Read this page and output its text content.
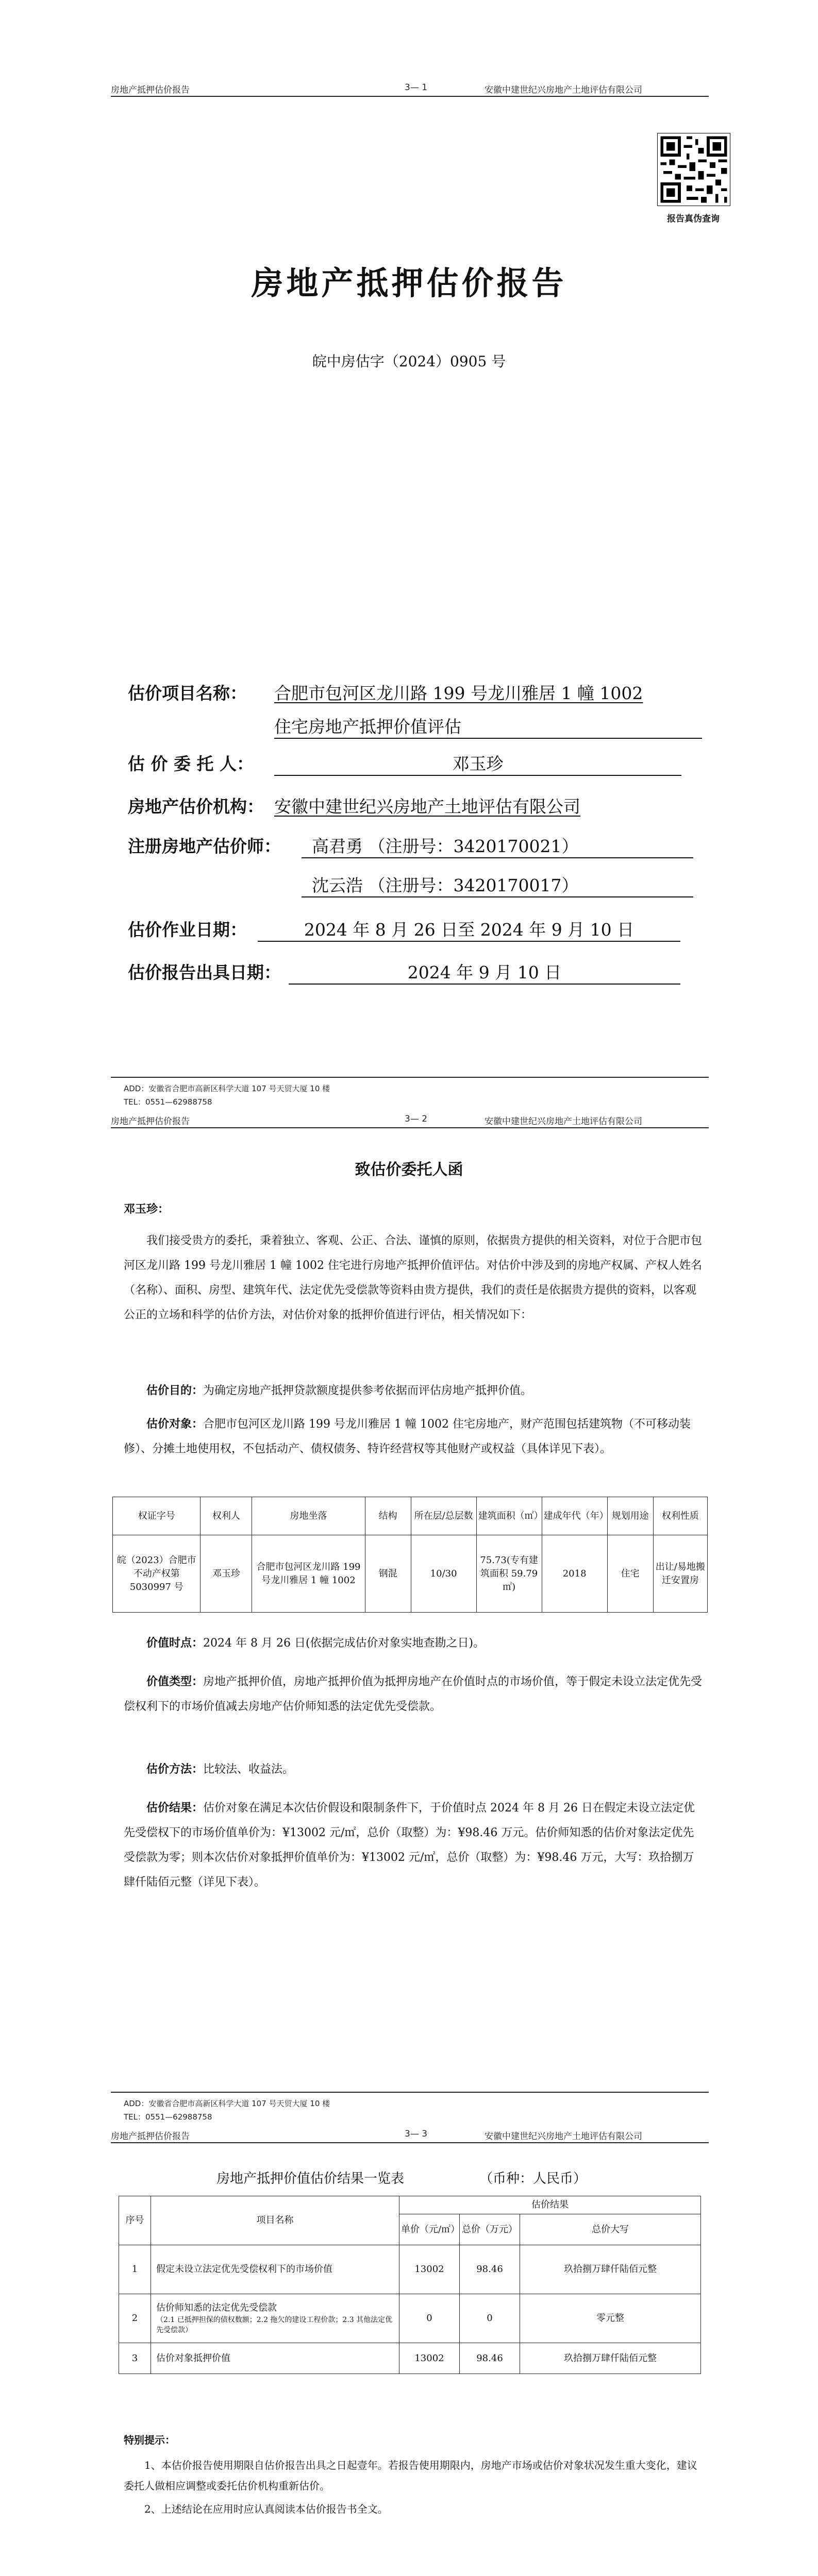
房地产抵押估价报告	3— 1	安徽中建世纪兴房地产土地评估有限公司
报告真伪查询
房地产抵押估价报告
皖中房估字（2024）0905 号
估价项目名称： 合肥市包河区龙川路 199 号龙川雅居 1 幢 1002
住宅房地产抵押价值评估
估 价 委 托 人：	邓玉珍
房地产估价机构： 安徽中建世纪兴房地产土地评估有限公司
注册房地产估价师：	高君勇 （注册号：3420170021）
沈云浩 （注册号：3420170017）
估价作业日期：	2024 年 8 月 26 日至 2024 年 9 月 10 日
估价报告出具日期：	2024 年 9 月 10 日
ADD：安徽省合肥市高新区科学大道 107 号天贸大厦 10 楼
TEL：0551—62988758
房地产抵押估价报告	3— 2	安徽中建世纪兴房地产土地评估有限公司
致估价委托人函
邓玉珍：
我们接受贵方的委托，秉着独立、客观、公正、合法、谨慎的原则，依据贵方提供的相关资料，对位于合肥市包河区龙川路 199 号龙川雅居 1 幢 1002 住宅进行房地产抵押价值评估。对估价中涉及到的房地产权属、产权人姓名（名称）、面积、房型、建筑年代、法定优先受偿款等资料由贵方提供，我们的责任是依据贵方提供的资料，以客观公正的立场和科学的估价方法，对估价对象的抵押价值进行评估，相关情况如下：
估价目的：为确定房地产抵押贷款额度提供参考依据而评估房地产抵押价值。
估价对象：合肥市包河区龙川路 199 号龙川雅居 1 幢 1002 住宅房地产，财产范围包括建筑物（不可移动装修）、分摊土地使用权，不包括动产、债权债务、特许经营权等其他财产或权益（具体详见下表）。
权证字号	权利人	房地坐落	结构	所在层/总层数	建筑面积（㎡）	建成年代（年）	规划用途	权利性质
皖（2023）合肥市不动产权第5030997 号	邓玉珍	合肥市包河区龙川路 199 号龙川雅居 1 幢 1002	钢混	10/30	75.73(专有建筑面积 59.79 ㎡)	2018	住宅	出让/易地搬迁安置房
价值时点：2024 年 8 月 26 日(依据完成估价对象实地查勘之日)。
价值类型：房地产抵押价值，房地产抵押价值为抵押房地产在价值时点的市场价值，等于假定未设立法定优先受偿权利下的市场价值减去房地产估价师知悉的法定优先受偿款。
估价方法：比较法、收益法。
估价结果：估价对象在满足本次估价假设和限制条件下，于价值时点 2024 年 8 月 26 日在假定未设立法定优先受偿权下的市场价值单价为：¥13002 元/㎡，总价（取整）为：¥98.46 万元。估价师知悉的估价对象法定优先受偿款为零；则本次估价对象抵押价值单价为：¥13002 元/㎡，总价（取整）为：¥98.46 万元，大写：玖拾捌万肆仟陆佰元整（详见下表）。
ADD：安徽省合肥市高新区科学大道 107 号天贸大厦 10 楼
TEL：0551—62988758
房地产抵押估价报告	3— 3	安徽中建世纪兴房地产土地评估有限公司
房地产抵押价值估价结果一览表	（币种：人民币）
序号	项目名称	估价结果		
		单价（元/㎡）	总价（万元）	总价大写
1	假定未设立法定优先受偿权利下的市场价值	13002	98.46	玖拾捌万肆仟陆佰元整
2	估价师知悉的法定优先受偿款
（2.1 已抵押担保的债权数额；2.2 拖欠的建设工程价款；2.3 其他法定优先受偿款）	0	0	零元整
3	估价对象抵押价值	13002	98.46	玖拾捌万肆仟陆佰元整
特别提示：
1、本估价报告使用期限自估价报告出具之日起壹年。若报告使用期限内，房地产市场或估价对象状况发生重大变化，建议委托人做相应调整或委托估价机构重新估价。
2、上述结论在应用时应认真阅读本估价报告书全文。
